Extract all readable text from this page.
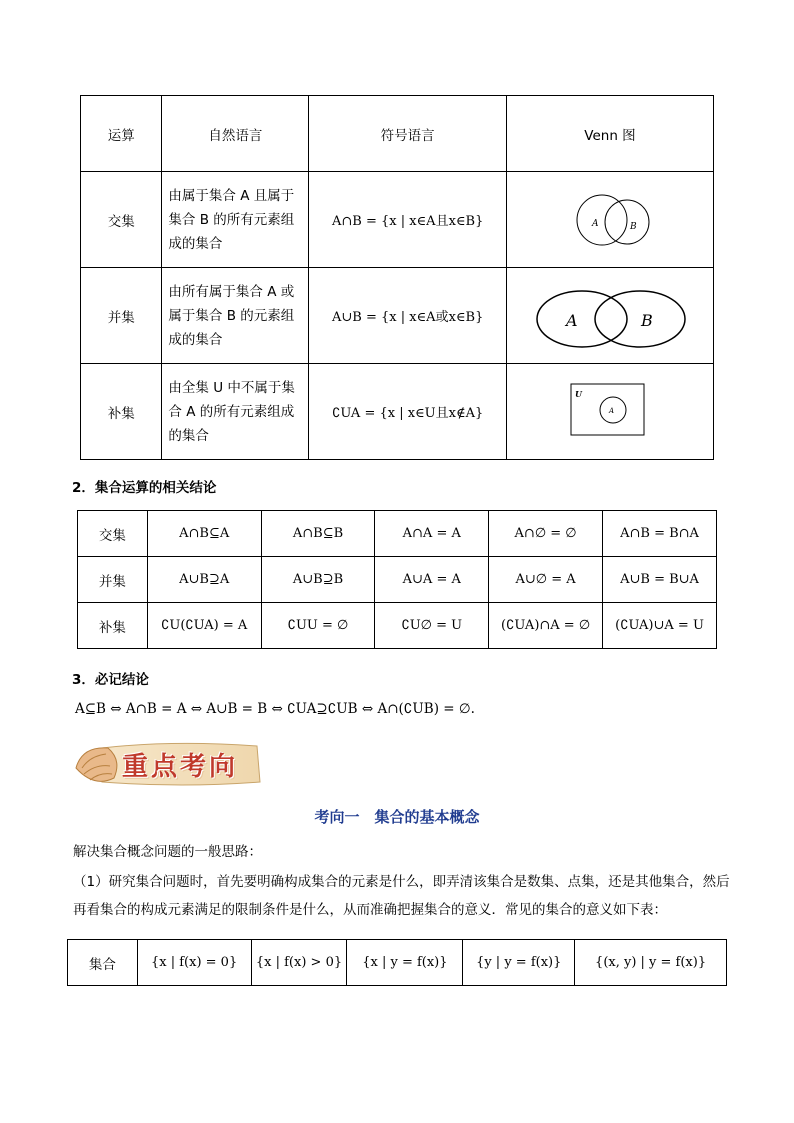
运算	自然语言	符号语言	Venn 图
交集	由属于集合 A 且属于集合 B 的所有元素组成的集合	A∩B = {x | x∈A且x∈B}	A B

并集	由所有属于集合 A 或属于集合 B 的元素组成的集合	A∪B = {x | x∈A或x∈B}	A B

补集	由全集 U 中不属于集合 A 的所有元素组成的集合	∁UA = {x | x∈U且x∉A}	U
A
2．集合运算的相关结论
交集	A∩B⊆A	A∩B⊆B	A∩A = A	A∩∅ = ∅	A∩B = B∩A
并集	A∪B⊇A	A∪B⊇B	A∪A = A	A∪∅ = A	A∪B = B∪A
补集	∁U(∁UA) = A	∁UU = ∅	∁U∅ = U	(∁UA)∩A = ∅	(∁UA)∪A = U
3．必记结论
A⊆B ⇔ A∩B = A ⇔ A∪B = B ⇔ ∁UA⊇∁UB ⇔ A∩(∁UB) = ∅.
重点考向
考向一　集合的基本概念
解决集合概念问题的一般思路：
（1）研究集合问题时，首先要明确构成集合的元素是什么，即弄清该集合是数集、点集，还是其他集合，然后再看集合的构成元素满足的限制条件是什么，从而准确把握集合的意义．常见的集合的意义如下表：
集合	{x | f(x) = 0}	{x | f(x) > 0}	{x | y = f(x)}	{y | y = f(x)}	{(x, y) | y = f(x)}
